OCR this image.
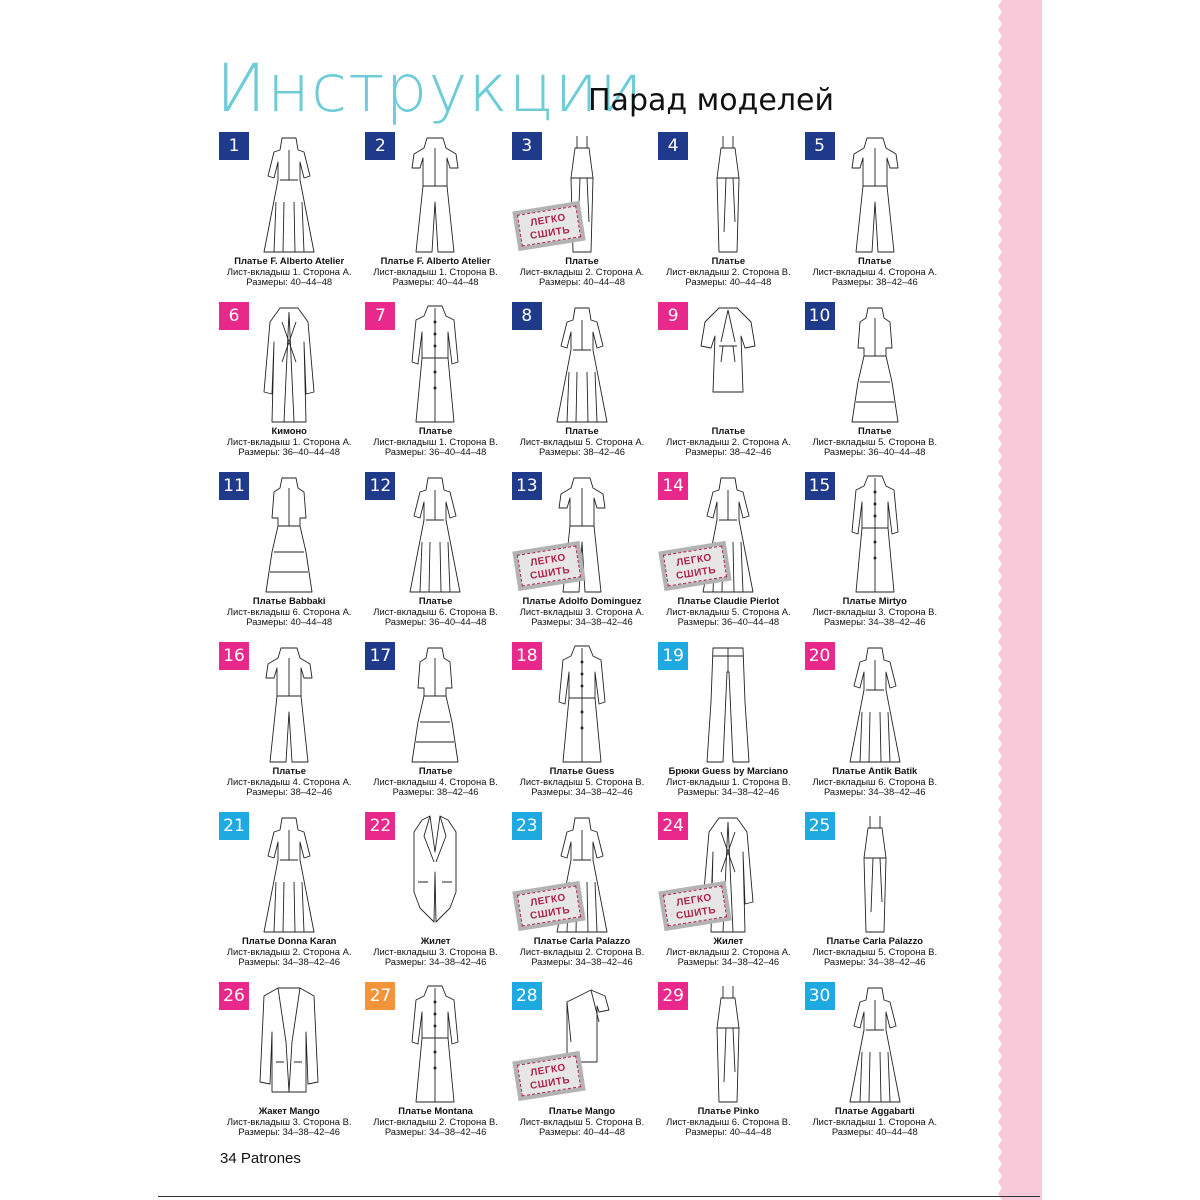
Инструкции
Парад моделей
1
Платье F. Alberto Atelier
Лист-вкладыш 1. Сторона А.
Размеры: 40–44–48
2
Платье F. Alberto Atelier
Лист-вкладыш 1. Сторона В.
Размеры: 40–44–48
3
ЛЕГКО
СШИТЬ
Платье
Лист-вкладыш 2. Сторона А.
Размеры: 40–44–48
4
Платье
Лист-вкладыш 2. Сторона В.
Размеры: 40–44–48
5
Платье
Лист-вкладыш 4. Сторона А.
Размеры: 38–42–46
6
Кимоно
Лист-вкладыш 1. Сторона А.
Размеры: 36–40–44–48
7
Платье
Лист-вкладыш 1. Сторона В.
Размеры: 36–40–44–48
8
Платье
Лист-вкладыш 5. Сторона А.
Размеры: 38–42–46
9
Платье
Лист-вкладыш 2. Сторона А.
Размеры: 38–42–46
10
Платье
Лист-вкладыш 5. Сторона В.
Размеры: 36–40–44–48
11
Платье Babbaki
Лист-вкладыш 6. Сторона А.
Размеры: 40–44–48
12
Платье
Лист-вкладыш 6. Сторона В.
Размеры: 36–40–44–48
13
ЛЕГКО
СШИТЬ
Платье Adolfo Dominguez
Лист-вкладыш 3. Сторона А.
Размеры: 34–38–42–46
14
ЛЕГКО
СШИТЬ
Платье Claudie Pierlot
Лист-вкладыш 5. Сторона А.
Размеры: 36–40–44–48
15
Платье Mirtyo
Лист-вкладыш 3. Сторона В.
Размеры: 34–38–42–46
16
Платье
Лист-вкладыш 4. Сторона А.
Размеры: 38–42–46
17
Платье
Лист-вкладыш 4. Сторона В.
Размеры: 38–42–46
18
Платье Guess
Лист-вкладыш 5. Сторона В.
Размеры: 34–38–42–46
19
Брюки Guess by Marciano
Лист-вкладыш 1. Сторона В.
Размеры: 34–38–42–46
20
Платье Antik Batik
Лист-вкладыш 6. Сторона В.
Размеры: 34–38–42–46
21
Платье Donna Karan
Лист-вкладыш 2. Сторона А.
Размеры: 34–38–42–46
22
Жилет
Лист-вкладыш 3. Сторона В.
Размеры: 34–38–42–46
23
ЛЕГКО
СШИТЬ
Платье Carla Palazzo
Лист-вкладыш 2. Сторона В.
Размеры: 34–38–42–46
24
ЛЕГКО
СШИТЬ
Жилет
Лист-вкладыш 2. Сторона А.
Размеры: 34–38–42–46
25
Платье Carla Palazzo
Лист-вкладыш 5. Сторона В.
Размеры: 34–38–42–46
26
Жакет Mango
Лист-вкладыш 3. Сторона В.
Размеры: 34–38–42–46
27
Платье Montana
Лист-вкладыш 2. Сторона В.
Размеры: 34–38–42–46
28
ЛЕГКО
СШИТЬ
Платье Mango
Лист-вкладыш 5. Сторона В.
Размеры: 40–44–48
29
Платье Pinko
Лист-вкладыш 6. Сторона В.
Размеры: 40–44–48
30
Платье Aggabarti
Лист-вкладыш 1. Сторона А.
Размеры: 40–44–48
34 Patrones
